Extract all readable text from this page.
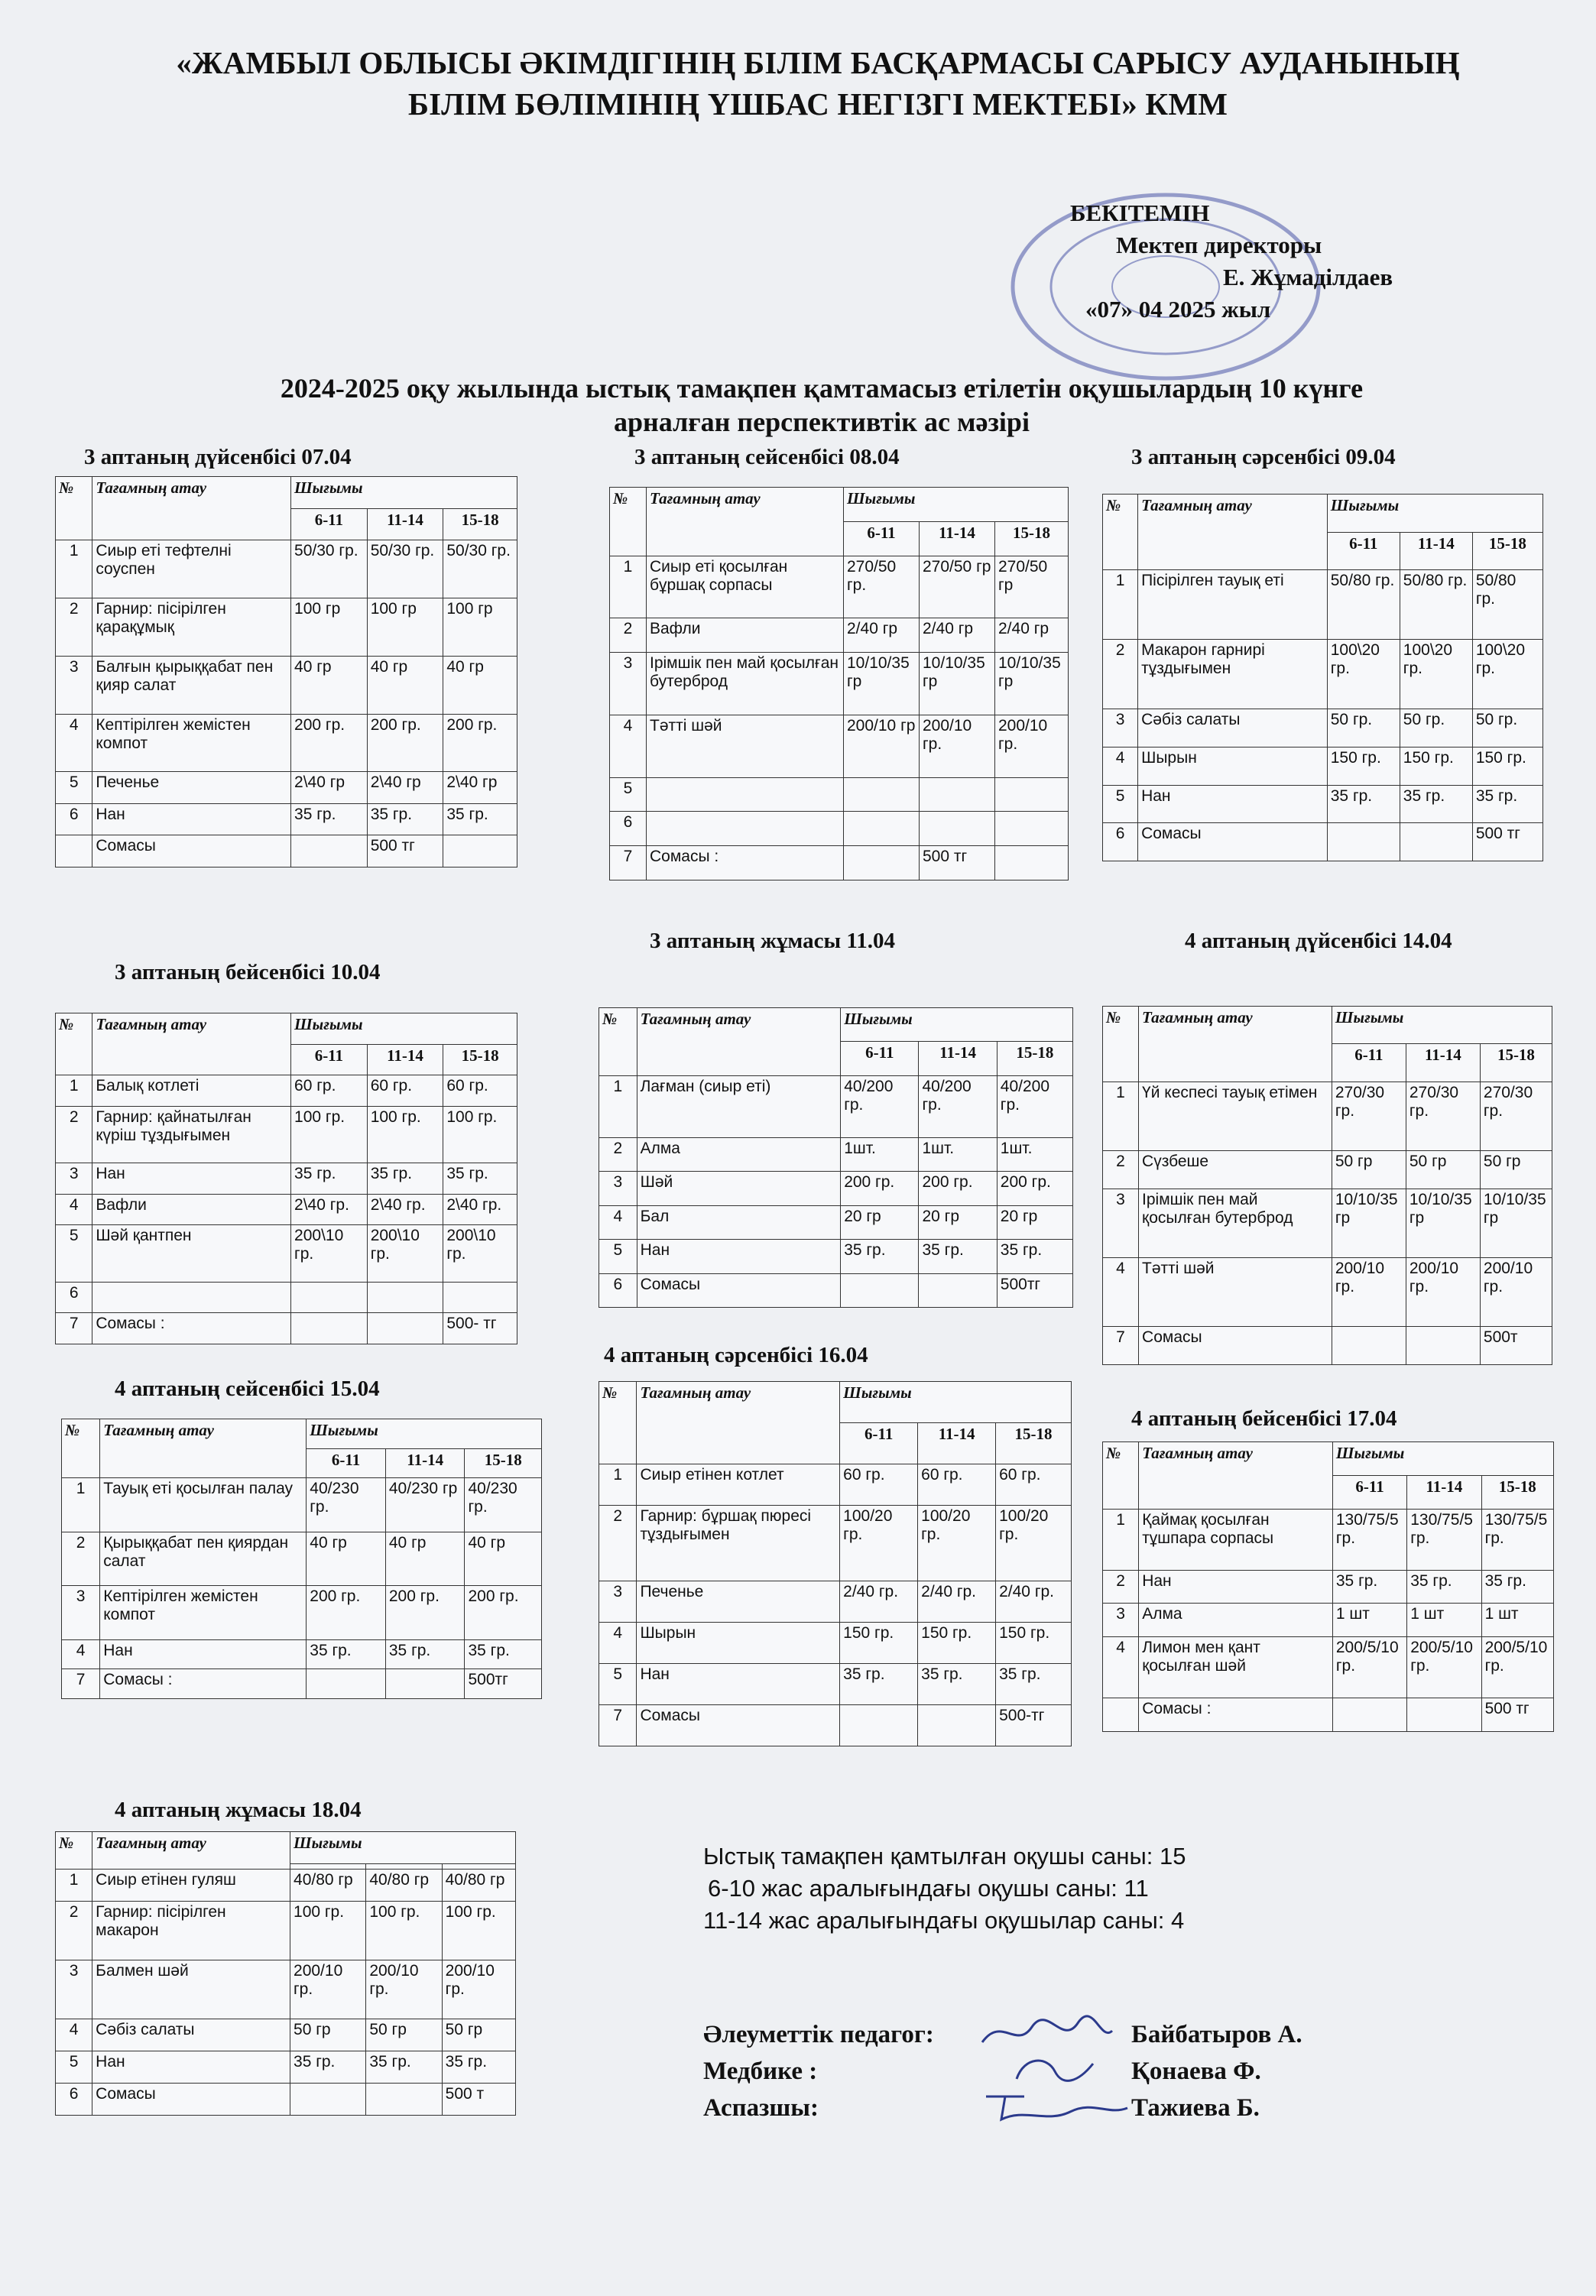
«ЖАМБЫЛ ОБЛЫСЫ ӘКІМДІГІНІҢ БІЛІМ БАСҚАРМАСЫ САРЫСУ АУДАНЫНЫҢ
БІЛІМ БӨЛІМІНІҢ ҮШБАС НЕГІЗГІ МЕКТЕБІ» КММ
БЕКІТЕМІН
Мектеп директоры
Е. Жұмаділдаев
«07» 04 2025 жыл
2024-2025 оқу жылында ыстық тамақпен қамтамасыз етілетін оқушылардың 10 күнге
арналған перспективтік ас мәзірі
3 аптаның дүйсенбісі 07.04
№	Тағамның атау	Шығымы		
		6-11	11-14	15-18
1	Сиыр еті тефтелні соуспен	50/30 гр.	50/30 гр.	50/30 гр.
2	Гарнир: пісірілген қарақұмық	100 гр	100 гр	100 гр
3	Балғын қырыққабат пен қияр салат	40 гр	40 гр	40 гр
4	Кептірілген жемістен компот	200 гр.	200 гр.	200 гр.
5	Печенье	2\40 гр	2\40 гр	2\40 гр
6	Нан	35 гр.	35 гр.	35 гр.
	Сомасы		500 тг	
3 аптаның сейсенбісі 08.04
№	Тағамның атау	Шығымы		
		6-11	11-14	15-18
1	Сиыр еті қосылған бұршақ сорпасы	270/50 гр.	270/50 гр	270/50 гр
2	Вафли	2/40 гр	2/40 гр	2/40 гр
3	Ірімшік пен май қосылған бутерброд	10/10/35 гр	10/10/35 гр	10/10/35 гр
4	Тәтті шәй	200/10 гр	200/10 гр.	200/10 гр.
5				
6				
7	Сомасы :		500 тг	
3 аптаның сәрсенбісі 09.04
№	Тағамның атау	Шығымы		
		6-11	11-14	15-18
1	Пісірілген тауық еті	50/80 гр.	50/80 гр.	50/80 гр.
2	Макарон гарнирі тұздығымен	100\20 гр.	100\20 гр.	100\20 гр.
3	Сәбіз салаты	50 гр.	50 гр.	50 гр.
4	Шырын	150 гр.	150 гр.	150 гр.
5	Нан	35 гр.	35 гр.	35 гр.
6	Сомасы			500 тг
3 аптаның бейсенбісі 10.04
№	Тағамның атау	Шығымы		
		6-11	11-14	15-18
1	Балық котлеті	60 гр.	60 гр.	60 гр.
2	Гарнир: қайнатылған күріш тұздығымен	100 гр.	100 гр.	100 гр.
3	Нан	35 гр.	35 гр.	35 гр.
4	Вафли	2\40 гр.	2\40 гр.	2\40 гр.
5	Шәй қантпен	200\10 гр.	200\10 гр.	200\10 гр.
6				
7	Сомасы :			500- тг
3 аптаның жұмасы 11.04
№	Тағамның атау	Шығымы		
		6-11	11-14	15-18
1	Лағман (сиыр еті)	40/200 гр.	40/200 гр.	40/200 гр.
2	Алма	1шт.	1шт.	1шт.
3	Шәй	200 гр.	200 гр.	200 гр.
4	Бал	20 гр	20 гр	20 гр
5	Нан	35 гр.	35 гр.	35 гр.
6	Сомасы			500тг
4 аптаның дүйсенбісі 14.04
№	Тағамның атау	Шығымы		
		6-11	11-14	15-18
1	Үй кеспесі тауық етімен	270/30 гр.	270/30 гр.	270/30 гр.
2	Сүзбеше	50 гр	50 гр	50 гр
3	Ірімшік пен май қосылған бутерброд	10/10/35 гр	10/10/35 гр	10/10/35 гр
4	Тәтті шәй	200/10 гр.	200/10 гр.	200/10 гр.
7	Сомасы			500т
4 аптаның сейсенбісі 15.04
№	Тағамның атау	Шығымы		
		6-11	11-14	15-18
1	Тауық еті қосылған палау	40/230 гр.	40/230 гр	40/230 гр.
2	Қырыққабат пен қиярдан салат	40 гр	40 гр	40 гр
3	Кептірілген жемістен компот	200 гр.	200 гр.	200 гр.
4	Нан	35 гр.	35 гр.	35 гр.
7	Сомасы :			500тг
4 аптаның сәрсенбісі 16.04
№	Тағамның атау	Шығымы		
		6-11	11-14	15-18
1	Сиыр етінен котлет	60 гр.	60 гр.	60 гр.
2	Гарнир: бұршақ пюресі тұздығымен	100/20 гр.	100/20 гр.	100/20 гр.
3	Печенье	2/40 гр.	2/40 гр.	2/40 гр.
4	Шырын	150 гр.	150 гр.	150 гр.
5	Нан	35 гр.	35 гр.	35 гр.
7	Сомасы			500-тг
4 аптаның бейсенбісі 17.04
№	Тағамның атау	Шығымы		
		6-11	11-14	15-18
1	Қаймақ қосылған тұшпара сорпасы	130/75/5 гр.	130/75/5 гр.	130/75/5 гр.
2	Нан	35 гр.	35 гр.	35 гр.
3	Алма	1 шт	1 шт	1 шт
4	Лимон мен қант қосылған шәй	200/5/10 гр.	200/5/10 гр.	200/5/10 гр.
	Сомасы :			500 тг
4 аптаның жұмасы 18.04
№	Тағамның атау	Шығымы		

1	Сиыр етінен гуляш	40/80 гр	40/80 гр	40/80 гр
2	Гарнир: пісірілген макарон	100 гр.	100 гр.	100 гр.
3	Балмен шәй	200/10 гр.	200/10 гр.	200/10 гр.
4	Сәбіз салаты	50 гр	50 гр	50 гр
5	Нан	35 гр.	35 гр.	35 гр.
6	Сомасы			500 т
Ыстық тамақпен қамтылған оқушы саны: 15
6-10 жас аралығындағы оқушы саны: 11
11-14 жас аралығындағы оқушылар саны: 4
Әлеуметтік педагог:	Байбатыров А.
Медбике :	Қонаева Ф.
Аспазшы:	Тажиева Б.
